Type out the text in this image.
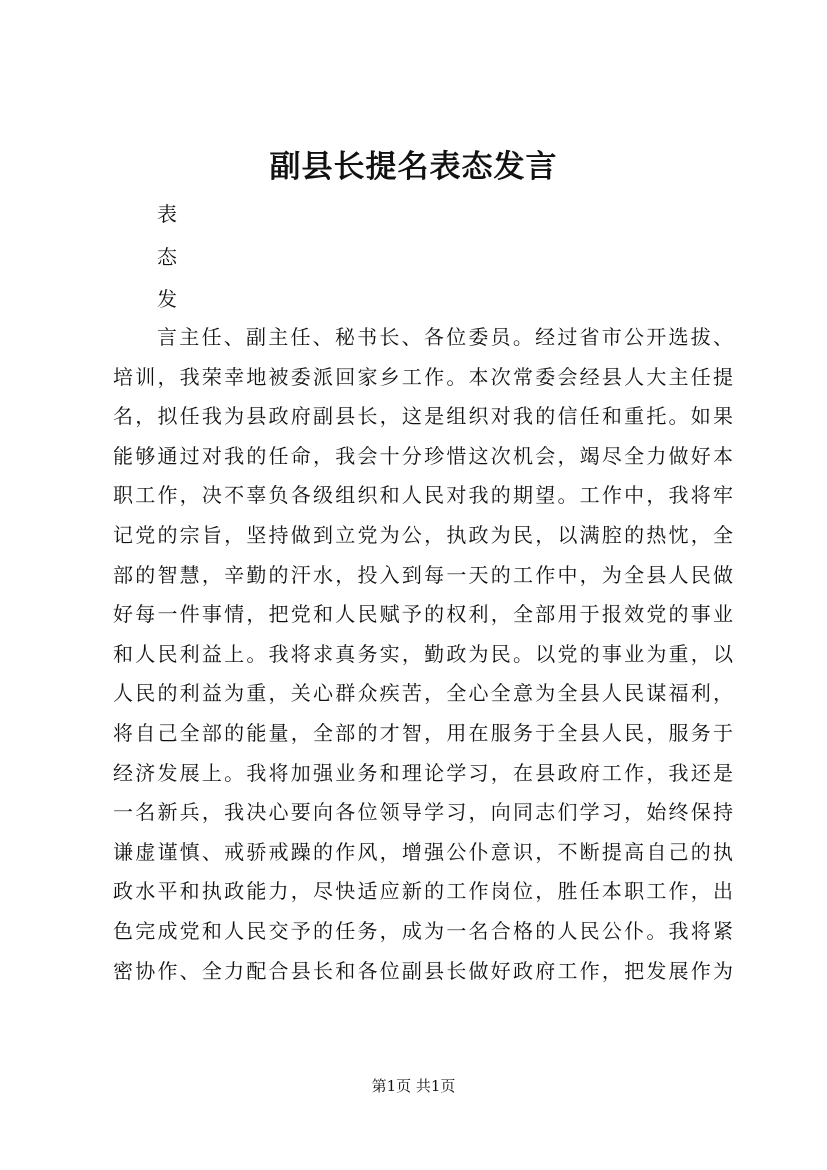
副县长提名表态发言
表
态
发
言主任、副主任、秘书长、各位委员。经过省市公开选拔、
培训，我荣幸地被委派回家乡工作。本次常委会经县人大主任提
名，拟任我为县政府副县长，这是组织对我的信任和重托。如果
能够通过对我的任命，我会十分珍惜这次机会，竭尽全力做好本
职工作，决不辜负各级组织和人民对我的期望。工作中，我将牢
记党的宗旨，坚持做到立党为公，执政为民，以满腔的热忱，全
部的智慧，辛勤的汗水，投入到每一天的工作中，为全县人民做
好每一件事情，把党和人民赋予的权利，全部用于报效党的事业
和人民利益上。我将求真务实，勤政为民。以党的事业为重，以
人民的利益为重，关心群众疾苦，全心全意为全县人民谋福利，
将自己全部的能量，全部的才智，用在服务于全县人民，服务于
经济发展上。我将加强业务和理论学习，在县政府工作，我还是
一名新兵，我决心要向各位领导学习，向同志们学习，始终保持
谦虚谨慎、戒骄戒躁的作风，增强公仆意识，不断提高自己的执
政水平和执政能力，尽快适应新的工作岗位，胜任本职工作，出
色完成党和人民交予的任务，成为一名合格的人民公仆。我将紧
密协作、全力配合县长和各位副县长做好政府工作，把发展作为
第1页 共1页
